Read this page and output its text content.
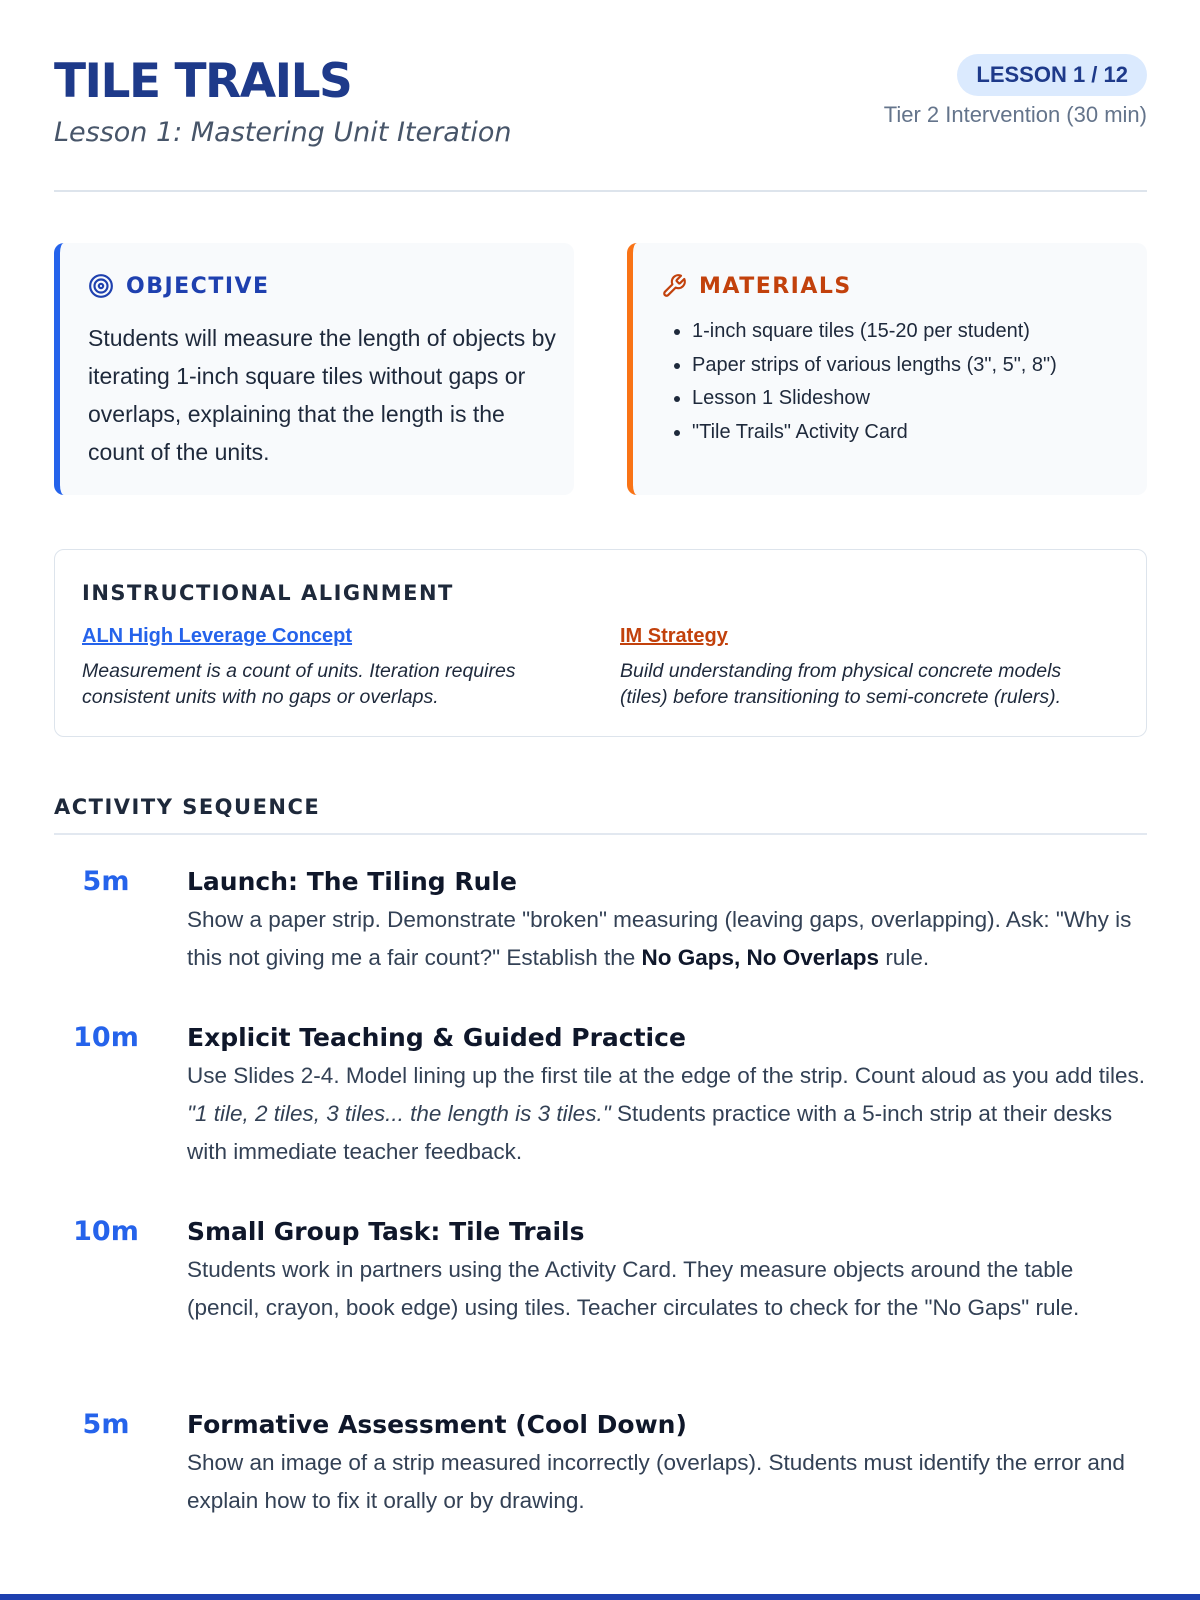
TILE TRAILS
Lesson 1: Mastering Unit Iteration
LESSON 1 / 12
Tier 2 Intervention (30 min)
OBJECTIVE

Students will measure the length of objects by iterating 1-inch square tiles without gaps or overlaps, explaining that the length is the count of the units.

MATERIALS
• 1-inch square tiles (15-20 per student)
• Paper strips of various lengths (3", 5", 8")
• Lesson 1 Slideshow
• "Tile Trails" Activity Card
INSTRUCTIONAL ALIGNMENT
ALN High Leverage Concept

Measurement is a count of units. Iteration requires consistent units with no gaps or overlaps.

IM Strategy

Build understanding from physical concrete models (tiles) before transitioning to semi-concrete (rulers).

ACTIVITY SEQUENCE
5m	Launch: The Tiling Rule

Show a paper strip. Demonstrate "broken" measuring (leaving gaps, overlapping). Ask: "Why is this not giving me a fair count?" Establish the No Gaps, No Overlaps rule.

10m	Explicit Teaching & Guided Practice

Use Slides 2-4. Model lining up the first tile at the edge of the strip. Count aloud as you add tiles. "1 tile, 2 tiles, 3 tiles... the length is 3 tiles." Students practice with a 5-inch strip at their desks with immediate teacher feedback.

10m	Small Group Task: Tile Trails

Students work in partners using the Activity Card. They measure objects around the table (pencil, crayon, book edge) using tiles. Teacher circulates to check for the "No Gaps" rule.

5m	Formative Assessment (Cool Down)

Show an image of a strip measured incorrectly (overlaps). Students must identify the error and explain how to fix it orally or by drawing.
